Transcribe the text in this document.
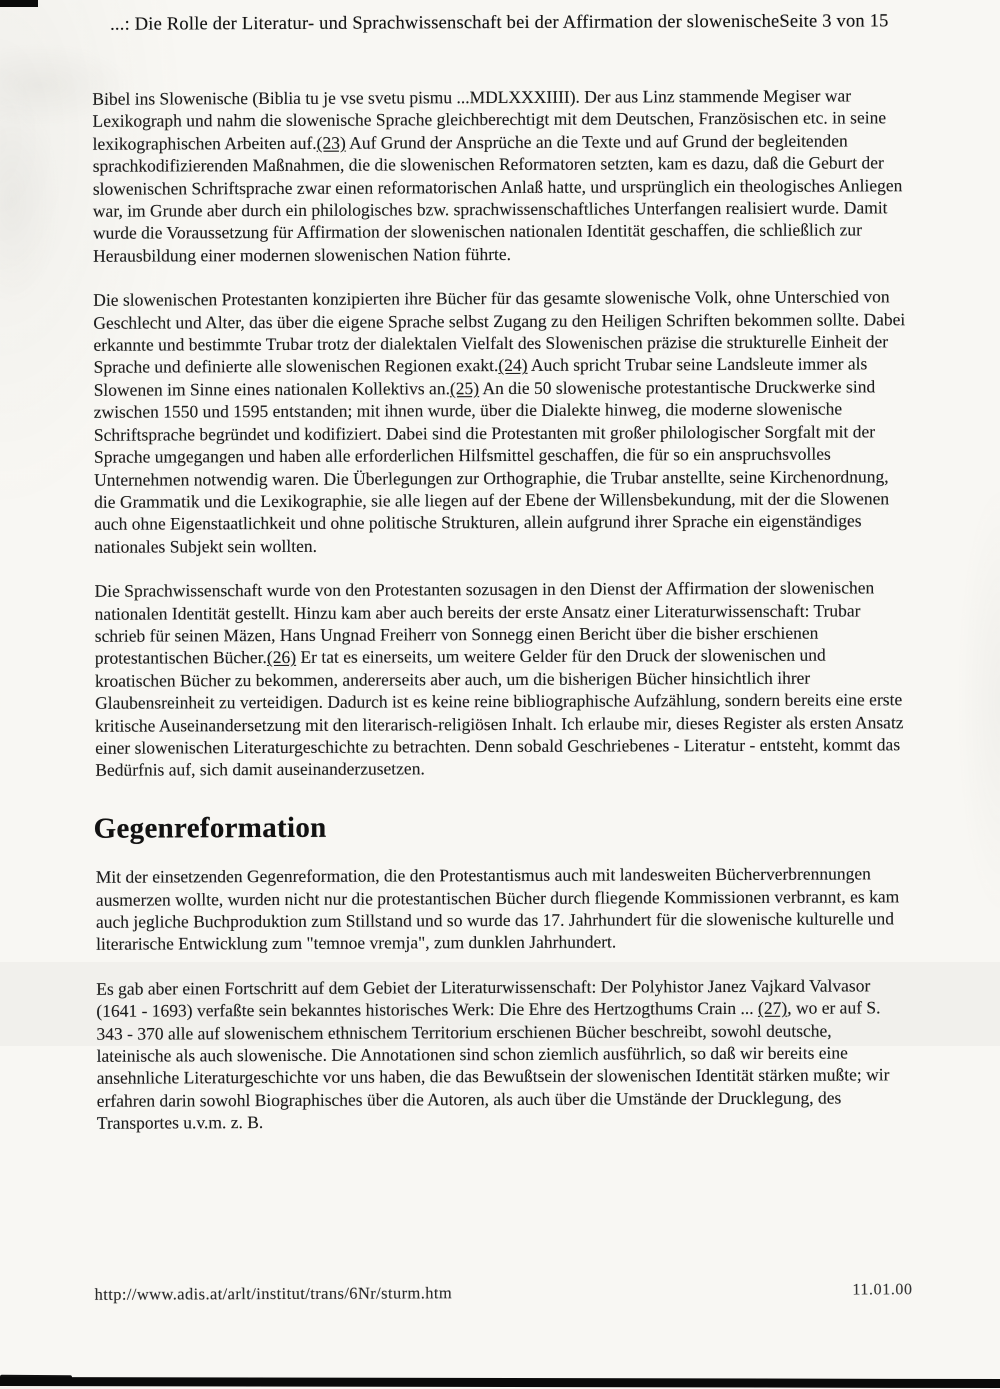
...: Die Rolle der Literatur- und Sprachwissenschaft bei der Affirmation der slowenischeSeite 3 von 15

Bibel ins Slowenische (Biblia tu je vse svetu pismu ...MDLXXXIIII). Der aus Linz stammende Megiser war Lexikograph und nahm die slowenische Sprache gleichberechtigt mit dem Deutschen, Französischen etc. in seine lexikographischen Arbeiten auf.(23) Auf Grund der Ansprüche an die Texte und auf Grund der begleitenden sprachkodifizierenden Maßnahmen, die die slowenischen Reformatoren setzten, kam es dazu, daß die Geburt der slowenischen Schriftsprache zwar einen reformatorischen Anlaß hatte, und ursprünglich ein theologisches Anliegen war, im Grunde aber durch ein philologisches bzw. sprachwissenschaftliches Unterfangen realisiert wurde. Damit wurde die Voraussetzung für Affirmation der slowenischen nationalen Identität geschaffen, die schließlich zur Herausbildung einer modernen slowenischen Nation führte.

Die slowenischen Protestanten konzipierten ihre Bücher für das gesamte slowenische Volk, ohne Unterschied von Geschlecht und Alter, das über die eigene Sprache selbst Zugang zu den Heiligen Schriften bekommen sollte. Dabei erkannte und bestimmte Trubar trotz der dialektalen Vielfalt des Slowenischen präzise die strukturelle Einheit der Sprache und definierte alle slowenischen Regionen exakt.(24) Auch spricht Trubar seine Landsleute immer als Slowenen im Sinne eines nationalen Kollektivs an.(25) An die 50 slowenische protestantische Druckwerke sind zwischen 1550 und 1595 entstanden; mit ihnen wurde, über die Dialekte hinweg, die moderne slowenische Schriftsprache begründet und kodifiziert. Dabei sind die Protestanten mit großer philologischer Sorgfalt mit der Sprache umgegangen und haben alle erforderlichen Hilfsmittel geschaffen, die für so ein anspruchsvolles Unternehmen notwendig waren. Die Überlegungen zur Orthographie, die Trubar anstellte, seine Kirchenordnung, die Grammatik und die Lexikographie, sie alle liegen auf der Ebene der Willensbekundung, mit der die Slowenen auch ohne Eigenstaatlichkeit und ohne politische Strukturen, allein aufgrund ihrer Sprache ein eigenständiges nationales Subjekt sein wollten.

Die Sprachwissenschaft wurde von den Protestanten sozusagen in den Dienst der Affirmation der slowenischen nationalen Identität gestellt. Hinzu kam aber auch bereits der erste Ansatz einer Literaturwissenschaft: Trubar schrieb für seinen Mäzen, Hans Ungnad Freiherr von Sonnegg einen Bericht über die bisher erschienen protestantischen Bücher.(26) Er tat es einerseits, um weitere Gelder für den Druck der slowenischen und kroatischen Bücher zu bekommen, andererseits aber auch, um die bisherigen Bücher hinsichtlich ihrer Glaubensreinheit zu verteidigen. Dadurch ist es keine reine bibliographische Aufzählung, sondern bereits eine erste kritische Auseinandersetzung mit den literarisch-religiösen Inhalt. Ich erlaube mir, dieses Register als ersten Ansatz einer slowenischen Literaturgeschichte zu betrachten. Denn sobald Geschriebenes - Literatur - entsteht, kommt das Bedürfnis auf, sich damit auseinanderzusetzen.

Gegenreformation

Mit der einsetzenden Gegenreformation, die den Protestantismus auch mit landesweiten Bücherverbrennungen ausmerzen wollte, wurden nicht nur die protestantischen Bücher durch fliegende Kommissionen verbrannt, es kam auch jegliche Buchproduktion zum Stillstand und so wurde das 17. Jahrhundert für die slowenische kulturelle und literarische Entwicklung zum "temnoe vremja", zum dunklen Jahrhundert.

Es gab aber einen Fortschritt auf dem Gebiet der Literaturwissenschaft: Der Polyhistor Janez Vajkard Valvasor (1641 - 1693) verfaßte sein bekanntes historisches Werk: Die Ehre des Hertzogthums Crain ... (27), wo er auf S. 343 - 370 alle auf slowenischem ethnischem Territorium erschienen Bücher beschreibt, sowohl deutsche, lateinische als auch slowenische. Die Annotationen sind schon ziemlich ausführlich, so daß wir bereits eine ansehnliche Literaturgeschichte vor uns haben, die das Bewußtsein der slowenischen Identität stärken mußte; wir erfahren darin sowohl Biographisches über die Autoren, als auch über die Umstände der Drucklegung, des Transportes u.v.m. z. B.

http://www.adis.at/arlt/institut/trans/6Nr/sturm.htm	11.01.00
